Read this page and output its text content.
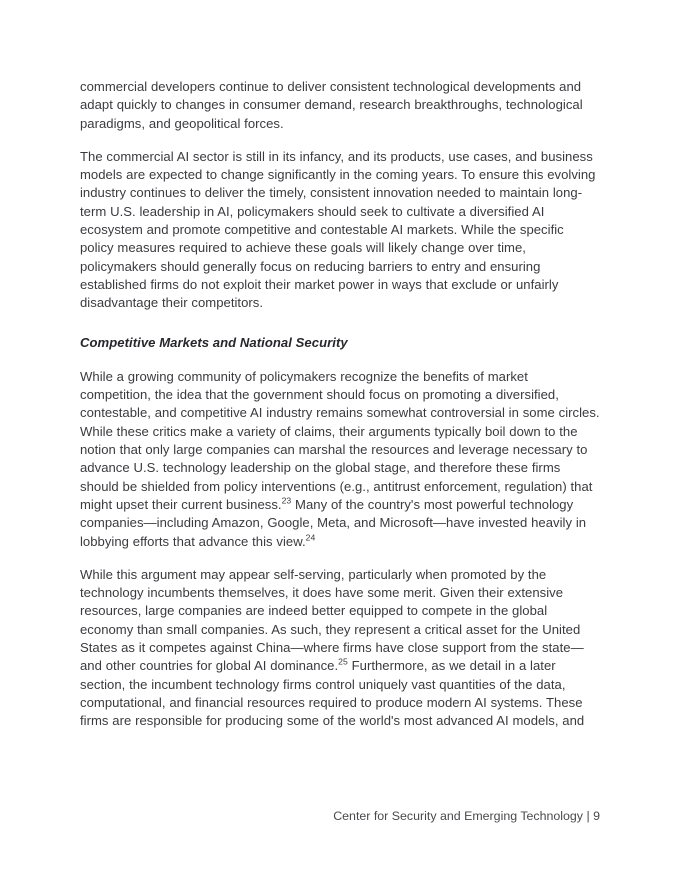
commercial developers continue to deliver consistent technological developments and adapt quickly to changes in consumer demand, research breakthroughs, technological paradigms, and geopolitical forces.

The commercial AI sector is still in its infancy, and its products, use cases, and business models are expected to change significantly in the coming years. To ensure this evolving industry continues to deliver the timely, consistent innovation needed to maintain long-term U.S. leadership in AI, policymakers should seek to cultivate a diversified AI ecosystem and promote competitive and contestable AI markets. While the specific policy measures required to achieve these goals will likely change over time, policymakers should generally focus on reducing barriers to entry and ensuring established firms do not exploit their market power in ways that exclude or unfairly disadvantage their competitors.

Competitive Markets and National Security

While a growing community of policymakers recognize the benefits of market competition, the idea that the government should focus on promoting a diversified, contestable, and competitive AI industry remains somewhat controversial in some circles. While these critics make a variety of claims, their arguments typically boil down to the notion that only large companies can marshal the resources and leverage necessary to advance U.S. technology leadership on the global stage, and therefore these firms should be shielded from policy interventions (e.g., antitrust enforcement, regulation) that might upset their current business.$^{23}$ Many of the country's most powerful technology companies—including Amazon, Google, Meta, and Microsoft—have invested heavily in lobbying efforts that advance this view.$^{24}$

While this argument may appear self-serving, particularly when promoted by the technology incumbents themselves, it does have some merit. Given their extensive resources, large companies are indeed better equipped to compete in the global economy than small companies. As such, they represent a critical asset for the United States as it competes against China—where firms have close support from the state—and other countries for global AI dominance.$^{25}$ Furthermore, as we detail in a later section, the incumbent technology firms control uniquely vast quantities of the data, computational, and financial resources required to produce modern AI systems. These firms are responsible for producing some of the world's most advanced AI models, and

Center for Security and Emerging Technology | 9
